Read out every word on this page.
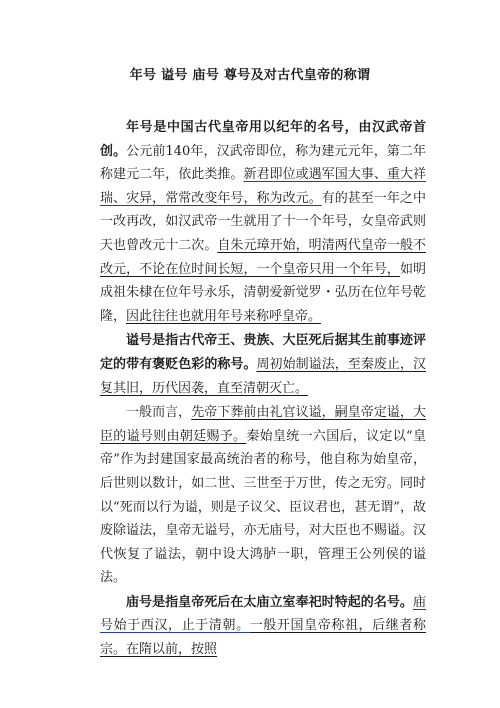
年号 谥号 庙号 尊号及对古代皇帝的称谓

年号是中国古代皇帝用以纪年的名号，由汉武帝首创。公元前140年，汉武帝即位，称为建元元年，第二年称建元二年，依此类推。新君即位或遇军国大事、重大祥瑞、灾异，常常改变年号，称为改元。有的甚至一年之中一改再改，如汉武帝一生就用了十一个年号，女皇帝武则天也曾改元十二次。自朱元璋开始，明清两代皇帝一般不改元，不论在位时间长短，一个皇帝只用一个年号，如明成祖朱棣在位年号永乐，清朝爱新觉罗・弘历在位年号乾隆，因此往往也就用年号来称呼皇帝。

谥号是指古代帝王、贵族、大臣死后据其生前事迹评定的带有褒贬色彩的称号。周初始制谥法，至秦废止，汉复其旧，历代因袭，直至清朝灭亡。

一般而言，先帝下葬前由礼官议谥，嗣皇帝定谥，大臣的谥号则由朝廷赐予。秦始皇统一六国后，议定以“皇帝”作为封建国家最高统治者的称号，他自称为始皇帝，后世则以数计，如二世、三世至于万世，传之无穷。同时以“死而以行为谥，则是子议父、臣议君也，甚无谓”，故废除谥法，皇帝无谥号，亦无庙号，对大臣也不赐谥。汉代恢复了谥法，朝中设大鸿胪一职，管理王公列侯的谥法。

庙号是指皇帝死后在太庙立室奉祀时特起的名号。庙号始于西汉，止于清朝。一般开国皇帝称祖，后继者称宗。在隋以前，按照
